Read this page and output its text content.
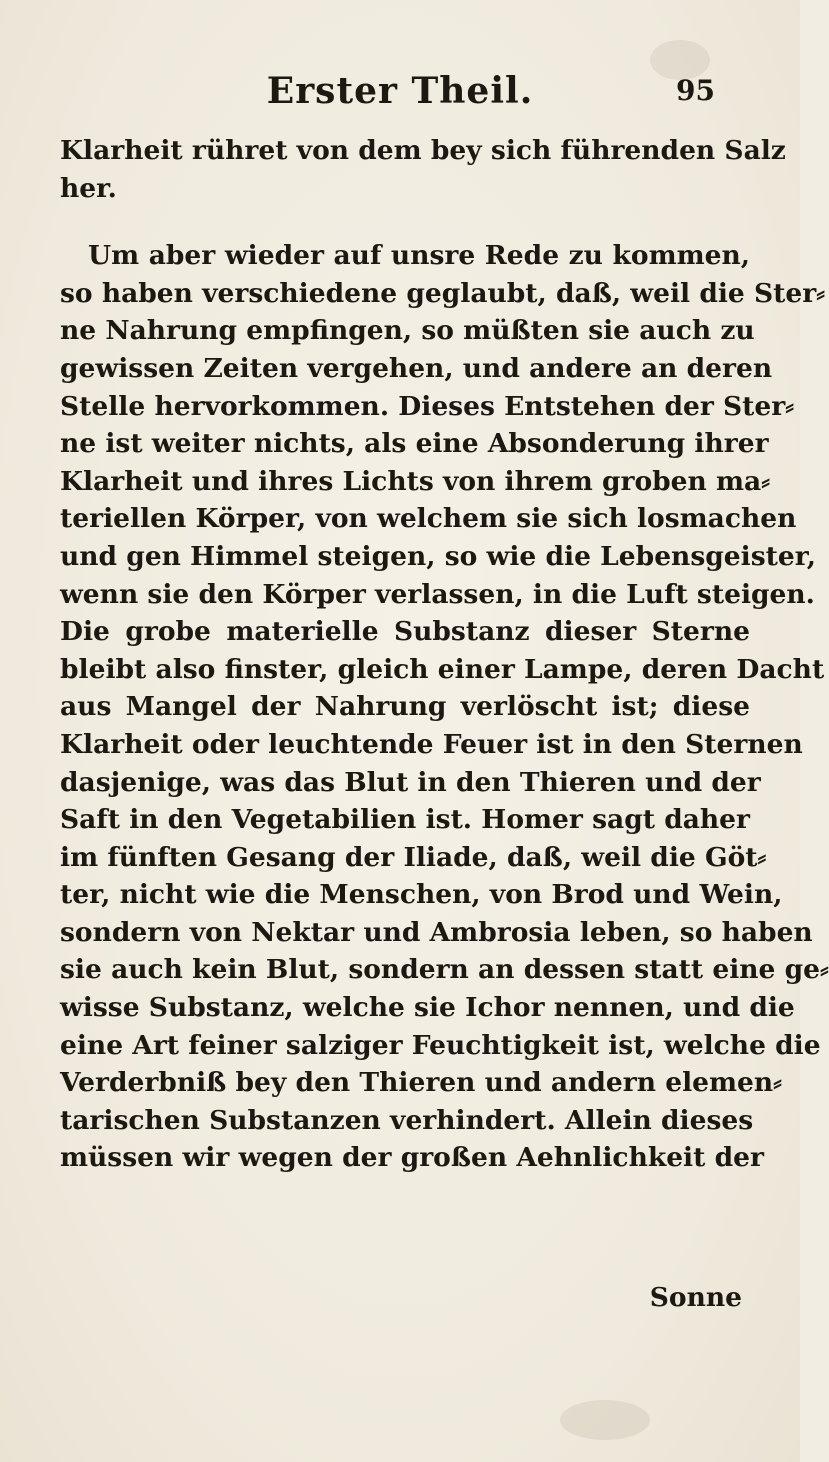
Erster Theil.	95
Klarheit rühret von dem bey sich führenden Salz
her.
Um aber wieder auf unsre Rede zu kommen,
so haben verschiedene geglaubt, daß, weil die Ster⸗
ne Nahrung empfingen, so müßten sie auch zu
gewissen Zeiten vergehen, und andere an deren
Stelle hervorkommen. Dieses Entstehen der Ster⸗
ne ist weiter nichts, als eine Absonderung ihrer
Klarheit und ihres Lichts von ihrem groben ma⸗
teriellen Körper, von welchem sie sich losmachen
und gen Himmel steigen, so wie die Lebensgeister,
wenn sie den Körper verlassen, in die Luft steigen.
Die grobe materielle Substanz dieser Sterne
bleibt also finster, gleich einer Lampe, deren Dacht
aus Mangel der Nahrung verlöscht ist; diese
Klarheit oder leuchtende Feuer ist in den Sternen
dasjenige, was das Blut in den Thieren und der
Saft in den Vegetabilien ist. Homer sagt daher
im fünften Gesang der Iliade, daß, weil die Göt⸗
ter, nicht wie die Menschen, von Brod und Wein,
sondern von Nektar und Ambrosia leben, so haben
sie auch kein Blut, sondern an dessen statt eine ge⸗
wisse Substanz, welche sie Ichor nennen, und die
eine Art feiner salziger Feuchtigkeit ist, welche die
Verderbniß bey den Thieren und andern elemen⸗
tarischen Substanzen verhindert. Allein dieses
müssen wir wegen der großen Aehnlichkeit der
Sonne
